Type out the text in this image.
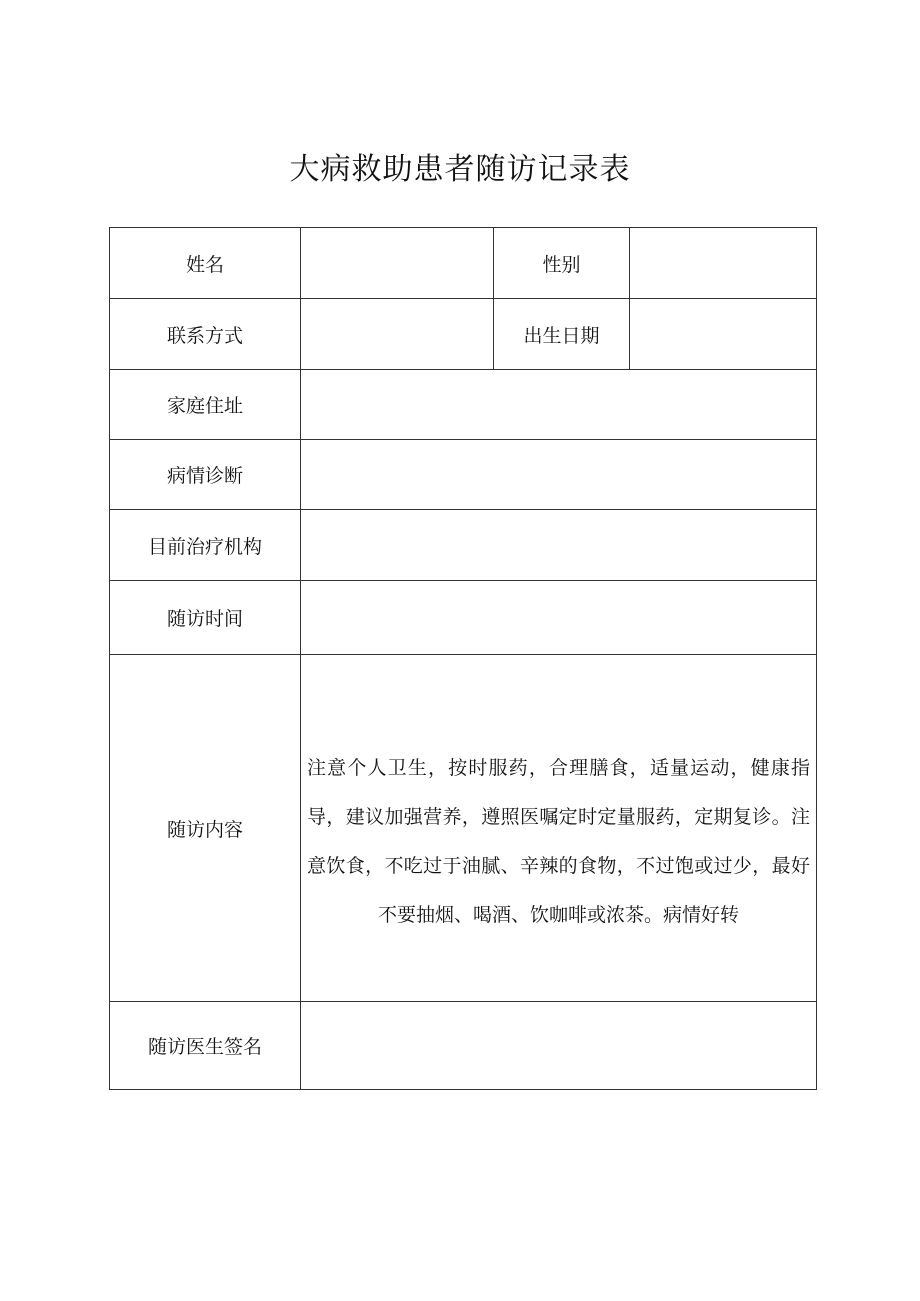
大病救助患者随访记录表
姓名		性别	
联系方式		出生日期	
家庭住址			
病情诊断			
目前治疗机构			
随访时间			
随访内容	注意个人卫生，按时服药，合理膳食，适量运动，健康指导，建议加强营养，遵照医嘱定时定量服药，定期复诊。注意饮食，不吃过于油腻、辛辣的食物，不过饱或过少，最好不要抽烟、喝酒、饮咖啡或浓茶。病情好转		

随访医生签名			
